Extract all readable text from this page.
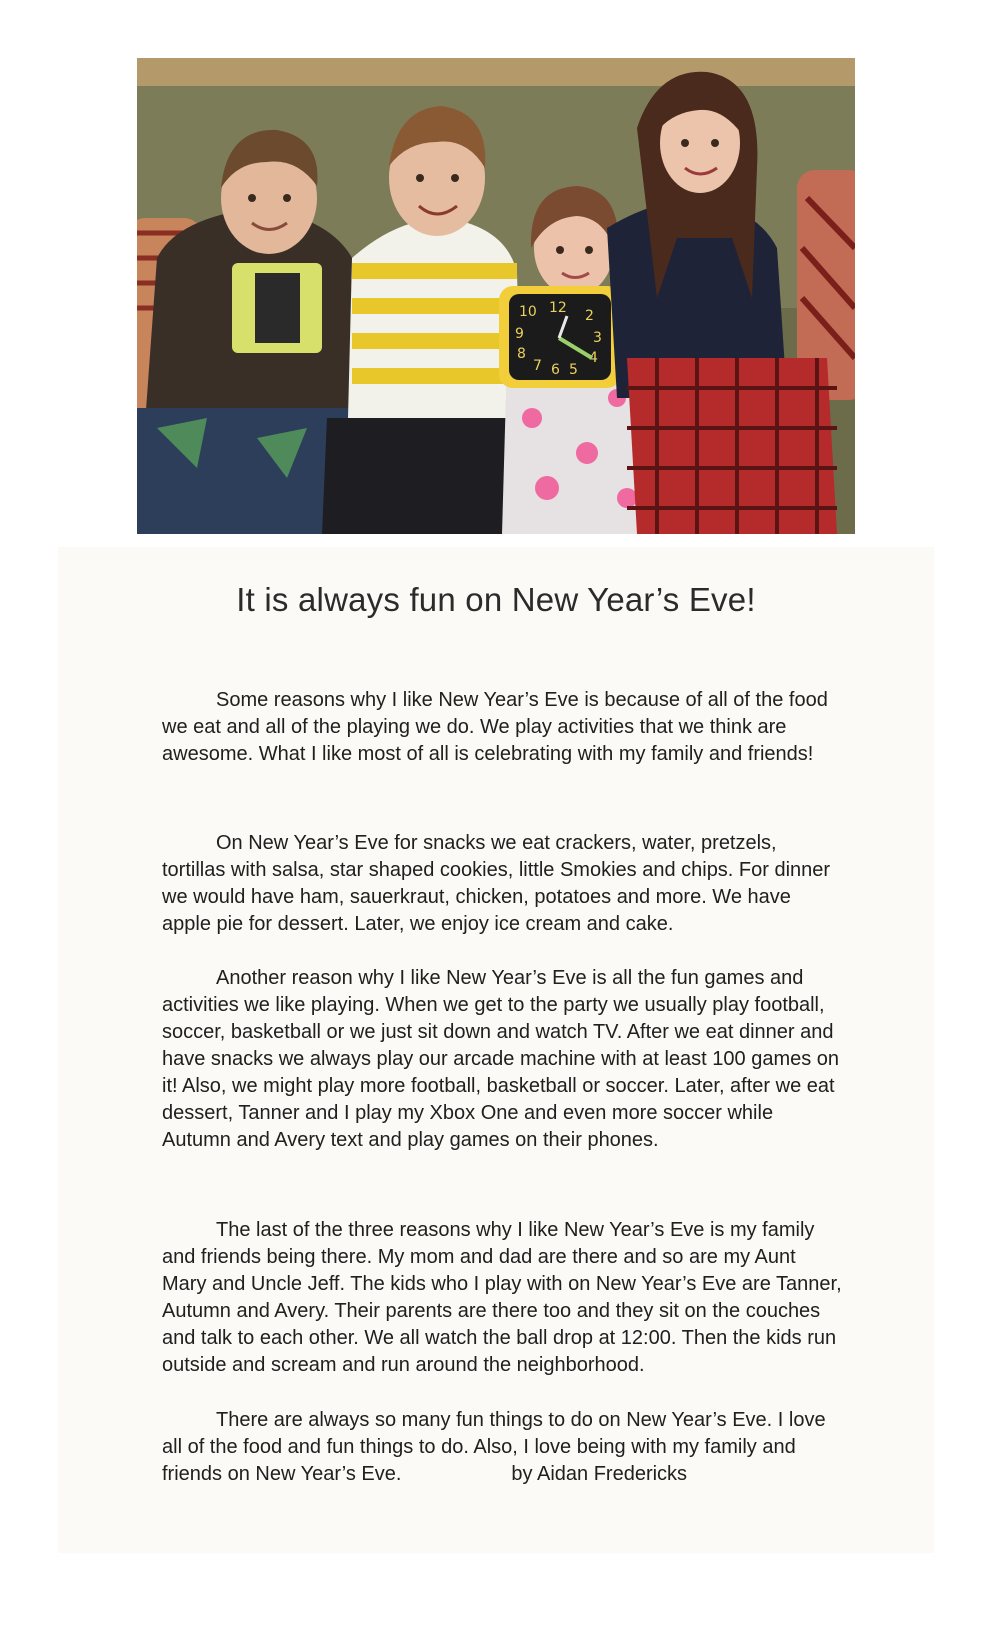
10 12 2
3
4
5
6
7
8
9
It is always fun on New Year’s Eve!

Some reasons why I like New Year’s Eve is because of all of the food we eat and all of the playing we do. We play activities that we think are awesome. What I like most of all is celebrating with my family and friends!

On New Year’s Eve for snacks we eat crackers, water, pretzels, tortillas with salsa, star shaped cookies, little Smokies and chips. For dinner we would have ham, sauerkraut, chicken, potatoes and more. We have apple pie for dessert. Later, we enjoy ice cream and cake.

Another reason why I like New Year’s Eve is all the fun games and activities we like playing. When we get to the party we usually play football, soccer, basketball or we just sit down and watch TV. After we eat dinner and have snacks we always play our arcade machine with at least 100 games on it! Also, we might play more football, basketball or soccer. Later, after we eat dessert, Tanner and I play my Xbox One and even more soccer while Autumn and Avery text and play games on their phones.

The last of the three reasons why I like New Year’s Eve is my family and friends being there. My mom and dad are there and so are my Aunt Mary and Uncle Jeff. The kids who I play with on New Year’s Eve are Tanner, Autumn and Avery. Their parents are there too and they sit on the couches and talk to each other. We all watch the ball drop at 12:00. Then the kids run outside and scream and run around the neighborhood.

There are always so many fun things to do on New Year’s Eve. I love all of the food and fun things to do. Also, I love being with my family and friends on New Year’s Eve.	by Aidan Fredericks
